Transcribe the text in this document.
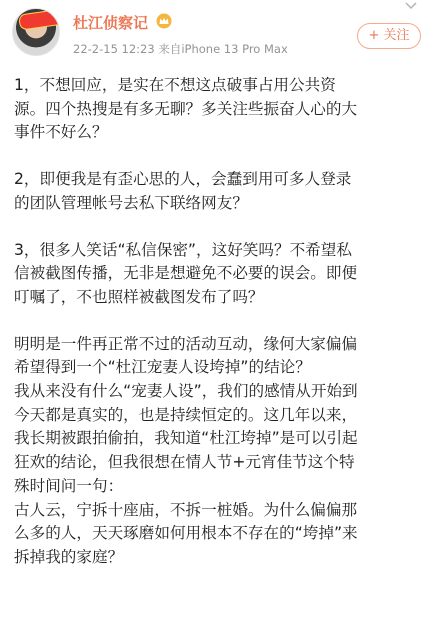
杜江侦察记
22-2-15 12:23 来自iPhone 13 Pro Max
+ 关注

1，不想回应，是实在不想这点破事占用公共资
源。四个热搜是有多无聊？多关注些振奋人心的大
事件不好么？

2，即便我是有歪心思的人，会蠢到用可多人登录
的团队管理帐号去私下联络网友？

3，很多人笑话“私信保密”，这好笑吗？不希望私
信被截图传播，无非是想避免不必要的误会。即便
叮嘱了，不也照样被截图发布了吗？

明明是一件再正常不过的活动互动，缘何大家偏偏
希望得到一个“杜江宠妻人设垮掉”的结论？
我从来没有什么“宠妻人设”，我们的感情从开始到
今天都是真实的，也是持续恒定的。这几年以来，
我长期被跟拍偷拍，我知道“杜江垮掉”是可以引起
狂欢的结论，但我很想在情人节+元宵佳节这个特
殊时间问一句：
古人云，宁拆十座庙，不拆一桩婚。为什么偏偏那
么多的人，天天琢磨如何用根本不存在的“垮掉”来
拆掉我的家庭？
